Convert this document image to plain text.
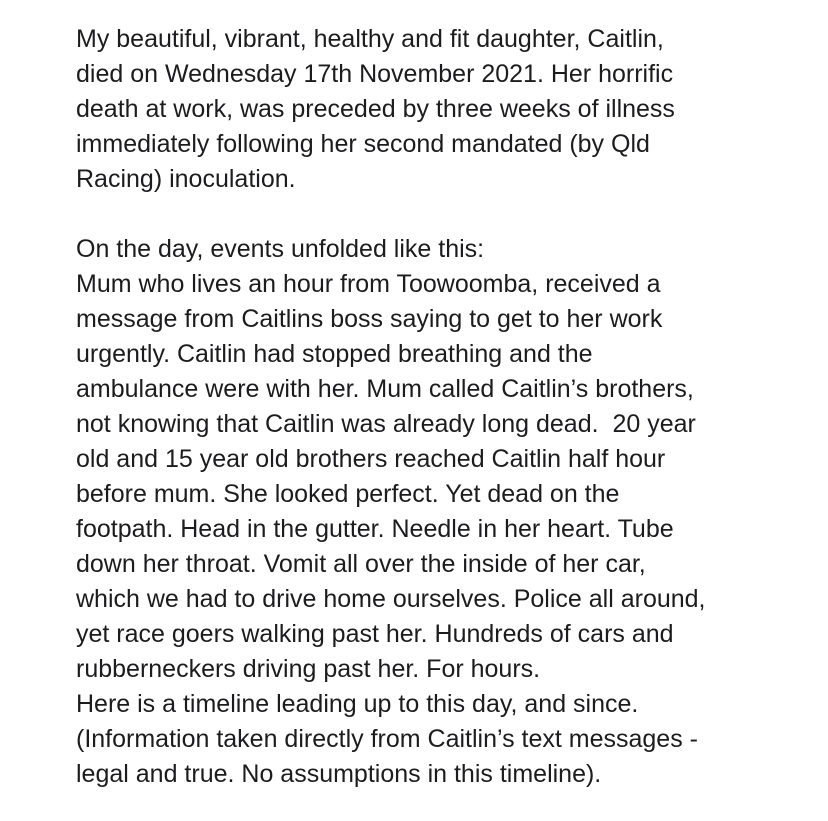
My beautiful, vibrant, healthy and fit daughter, Caitlin,
died on Wednesday 17th November 2021. Her horrific
death at work, was preceded by three weeks of illness
immediately following her second mandated (by Qld
Racing) inoculation.

On the day, events unfolded like this:
Mum who lives an hour from Toowoomba, received a
message from Caitlins boss saying to get to her work
urgently. Caitlin had stopped breathing and the
ambulance were with her. Mum called Caitlin’s brothers,
not knowing that Caitlin was already long dead.  20 year
old and 15 year old brothers reached Caitlin half hour
before mum. She looked perfect. Yet dead on the
footpath. Head in the gutter. Needle in her heart. Tube
down her throat. Vomit all over the inside of her car,
which we had to drive home ourselves. Police all around,
yet race goers walking past her. Hundreds of cars and
rubberneckers driving past her. For hours.
Here is a timeline leading up to this day, and since.
(Information taken directly from Caitlin’s text messages -
legal and true. No assumptions in this timeline).
